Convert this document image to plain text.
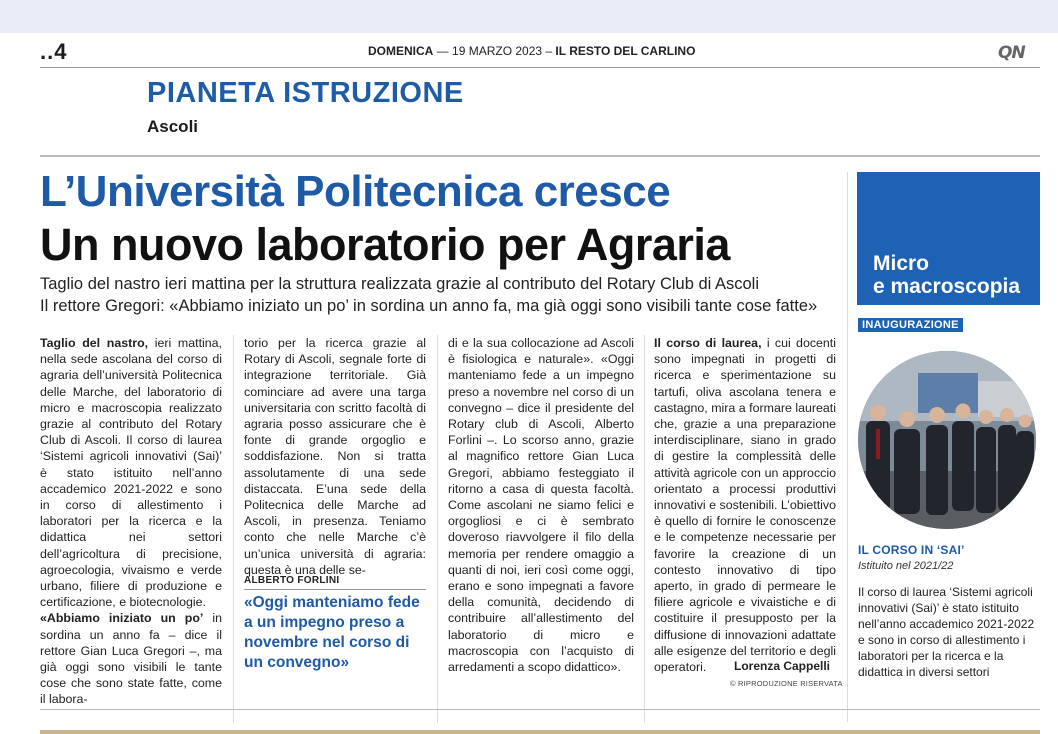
..4	DOMENICA — 19 MARZO 2023 – IL RESTO DEL CARLINO	QN
PIANETA ISTRUZIONE
Ascoli
L’Università Politecnica cresce
Un nuovo laboratorio per Agraria
Taglio del nastro ieri mattina per la struttura realizzata grazie al contributo del Rotary Club di Ascoli
Il rettore Gregori: «Abbiamo iniziato un po’ in sordina un anno fa, ma già oggi sono visibili tante cose fatte»
Taglio del nastro, ieri mattina, nella sede ascolana del corso di agraria dell’università Politecnica delle Marche, del laboratorio di micro e macroscopia realizzato grazie al contributo del Rotary Club di Ascoli. Il corso di laurea ‘Sistemi agricoli innovativi (Sai)’ è stato istituito nell’anno accademico 2021-2022 e sono in corso di allestimento i laboratori per la ricerca e la didattica nei settori dell’agricoltura di precisione, agroecologia, vivaismo e verde urbano, filiere di produzione e certificazione, e biotecnologie.
«Abbiamo iniziato un po’ in sordina un anno fa – dice il rettore Gian Luca Gregori –, ma già oggi sono visibili le tante cose che sono state fatte, come il labora-
torio per la ricerca grazie al Rotary di Ascoli, segnale forte di integrazione territoriale. Già cominciare ad avere una targa universitaria con scritto facoltà di agraria posso assicurare che è fonte di grande orgoglio e soddisfazione. Non si tratta assolutamente di una sede distaccata. E’una sede della Politecnica delle Marche ad Ascoli, in presenza. Teniamo conto che nelle Marche c’è un’unica università di agraria: questa è una delle se-
ALBERTO FORLINI
«Oggi manteniamo fede a un impegno preso a novembre nel corso di un convegno»
di e la sua collocazione ad Ascoli è fisiologica e naturale». «Oggi manteniamo fede a un impegno preso a novembre nel corso di un convegno – dice il presidente del Rotary club di Ascoli, Alberto Forlini –. Lo scorso anno, grazie al magnifico rettore Gian Luca Gregori, abbiamo festeggiato il ritorno a casa di questa facoltà. Come ascolani ne siamo felici e orgogliosi e ci è sembrato doveroso riavvolgere il filo della memoria per rendere omaggio a quanti di noi, ieri così come oggi, erano e sono impegnati a favore della comunità, decidendo di contribuire all’allestimento del laboratorio di micro e macroscopia con l’acquisto di arredamenti a scopo didattico».
Il corso di laurea, i cui docenti sono impegnati in progetti di ricerca e sperimentazione su tartufi, oliva ascolana tenera e castagno, mira a formare laureati che, grazie a una preparazione interdisciplinare, siano in grado di gestire la complessità delle attività agricole con un approccio orientato a processi produttivi innovativi e sostenibili. L’obiettivo è quello di fornire le conoscenze e le competenze necessarie per favorire la creazione di un contesto innovativo di tipo aperto, in grado di permeare le filiere agricole e vivaistiche e di costituire il presupposto per la diffusione di innovazioni adattate alle esigenze del territorio e degli operatori.	Lorenza Cappelli
© RIPRODUZIONE RISERVATA
Micro
e macroscopia
INAUGURAZIONE
IL CORSO IN ‘SAI’
Istituito nel 2021/22
Il corso di laurea ‘Sistemi agricoli innovativi (Sai)’ è stato istituito nell’anno accademico 2021-2022 e sono in corso di allestimento i laboratori per la ricerca e la didattica in diversi settori
